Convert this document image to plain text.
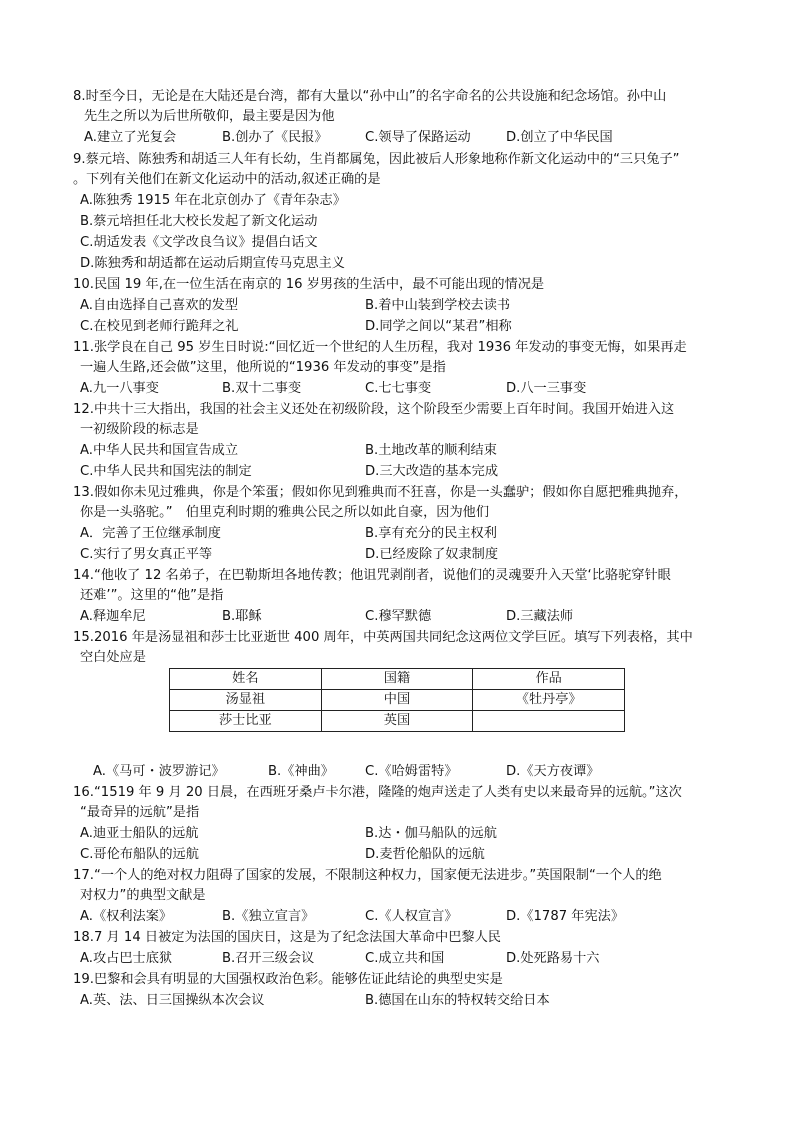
8.时至今日，无论是在大陆还是台湾，都有大量以“孙中山”的名字命名的公共设施和纪念场馆。孙中山
先生之所以为后世所敬仰，最主要是因为他
A.建立了光复会	B.创办了《民报》	C.领导了保路运动	D.创立了中华民国
9.蔡元培、陈独秀和胡适三人年有长幼，生肖都属兔，因此被后人形象地称作新文化运动中的“三只兔子”
。下列有关他们在新文化运动中的活动,叙述正确的是
A.陈独秀 1915 年在北京创办了《青年杂志》
B.蔡元培担任北大校长发起了新文化运动
C.胡适发表《文学改良刍议》提倡白话文
D.陈独秀和胡适都在运动后期宣传马克思主义
10.民国 19 年,在一位生活在南京的 16 岁男孩的生活中，最不可能出现的情况是
A.自由选择自己喜欢的发型	B.着中山装到学校去读书
C.在校见到老师行跪拜之礼	D.同学之间以“某君”相称
11.张学良在自己 95 岁生日时说:“回忆近一个世纪的人生历程，我对 1936 年发动的事变无悔，如果再走
一遍人生路,还会做”这里，他所说的“1936 年发动的事变”是指
A.九一八事变	B.双十二事变	C.七七事变	D.八一三事变
12.中共十三大指出，我国的社会主义还处在初级阶段，这个阶段至少需要上百年时间。我国开始进入这
一初级阶段的标志是
A.中华人民共和国宣告成立	B.土地改革的顺利结束
C.中华人民共和国宪法的制定	D.三大改造的基本完成
13.假如你未见过雅典，你是个笨蛋；假如你见到雅典而不狂喜，你是一头蠢驴；假如你自愿把雅典抛弃，
你是一头骆驼。”　伯里克利时期的雅典公民之所以如此自豪，因为他们
A．完善了王位继承制度	B.享有充分的民主权利
C.实行了男女真正平等	D.已经废除了奴隶制度
14.“他收了 12 名弟子，在巴勒斯坦各地传教；他诅咒剥削者，说他们的灵魂要升入天堂‘比骆驼穿针眼
还难’”。这里的“他”是指
A.释迦牟尼	B.耶稣	C.穆罕默德	D.三藏法师
15.2016 年是汤显祖和莎士比亚逝世 400 周年，中英两国共同纪念这两位文学巨匠。填写下列表格，其中
空白处应是
姓名	国籍	作品
汤显祖	中国	《牡丹亭》
莎士比亚	英国	
A.《马可・波罗游记》	B.《神曲》 C.《哈姆雷特》	D.《天方夜谭》
16.“1519 年 9 月 20 日晨，在西班牙桑卢卡尔港，隆隆的炮声送走了人类有史以来最奇异的远航。”这次
“最奇异的远航”是指
A.迪亚士船队的远航	B.达・伽马船队的远航
C.哥伦布船队的远航	D.麦哲伦船队的远航
17.“一个人的绝对权力阻碍了国家的发展，不限制这种权力，国家便无法进步。”英国限制“一个人的绝
对权力”的典型文献是
A.《权利法案》	B.《独立宣言》	C.《人权宣言》	D.《1787 年宪法》
18.7 月 14 日被定为法国的国庆日，这是为了纪念法国大革命中巴黎人民
A.攻占巴士底狱	B.召开三级会议	C.成立共和国	D.处死路易十六
19.巴黎和会具有明显的大国强权政治色彩。能够佐证此结论的典型史实是
A.英、法、日三国操纵本次会议	B.德国在山东的特权转交给日本
